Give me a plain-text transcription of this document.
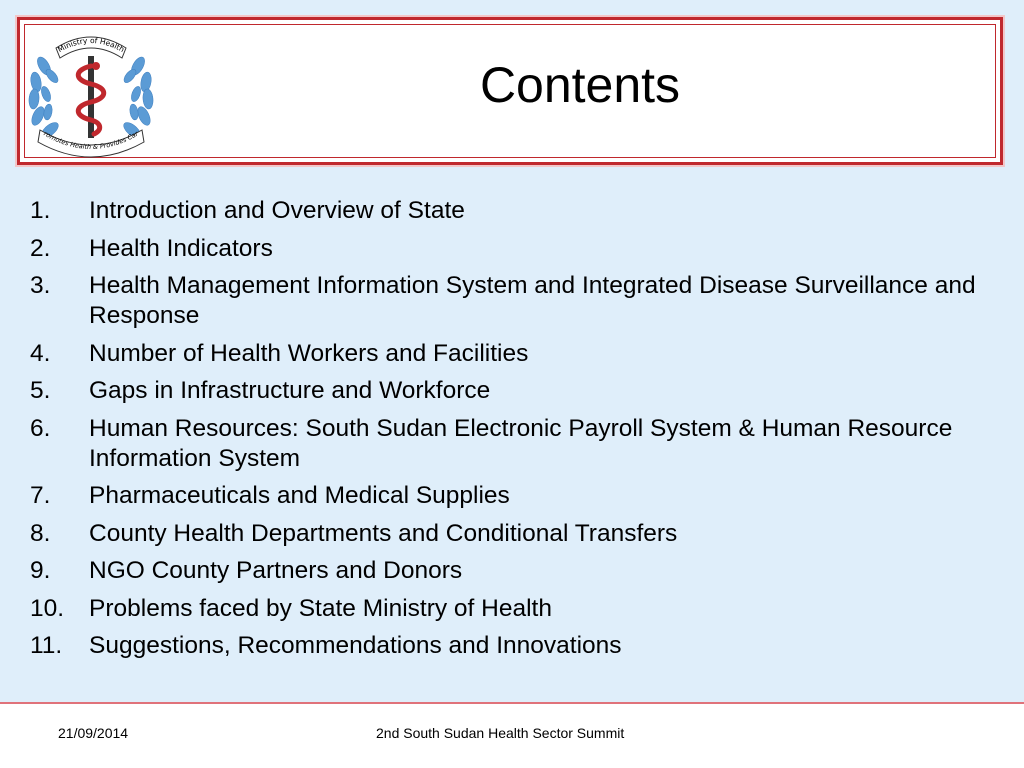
Ministry of Health
romotes Health & Provides Car
Contents
1. Introduction and Overview of State
2. Health Indicators
3. Health Management Information System and Integrated Disease Surveillance and Response
4. Number of Health Workers and Facilities
5. Gaps in Infrastructure and Workforce
6. Human Resources: South Sudan Electronic Payroll System & Human Resource Information System
7. Pharmaceuticals and Medical Supplies
8. County Health Departments and Conditional Transfers
9. NGO County Partners and Donors
10. Problems faced by State Ministry of Health
11. Suggestions, Recommendations and Innovations
21/09/2014	2nd South Sudan Health Sector Summit
